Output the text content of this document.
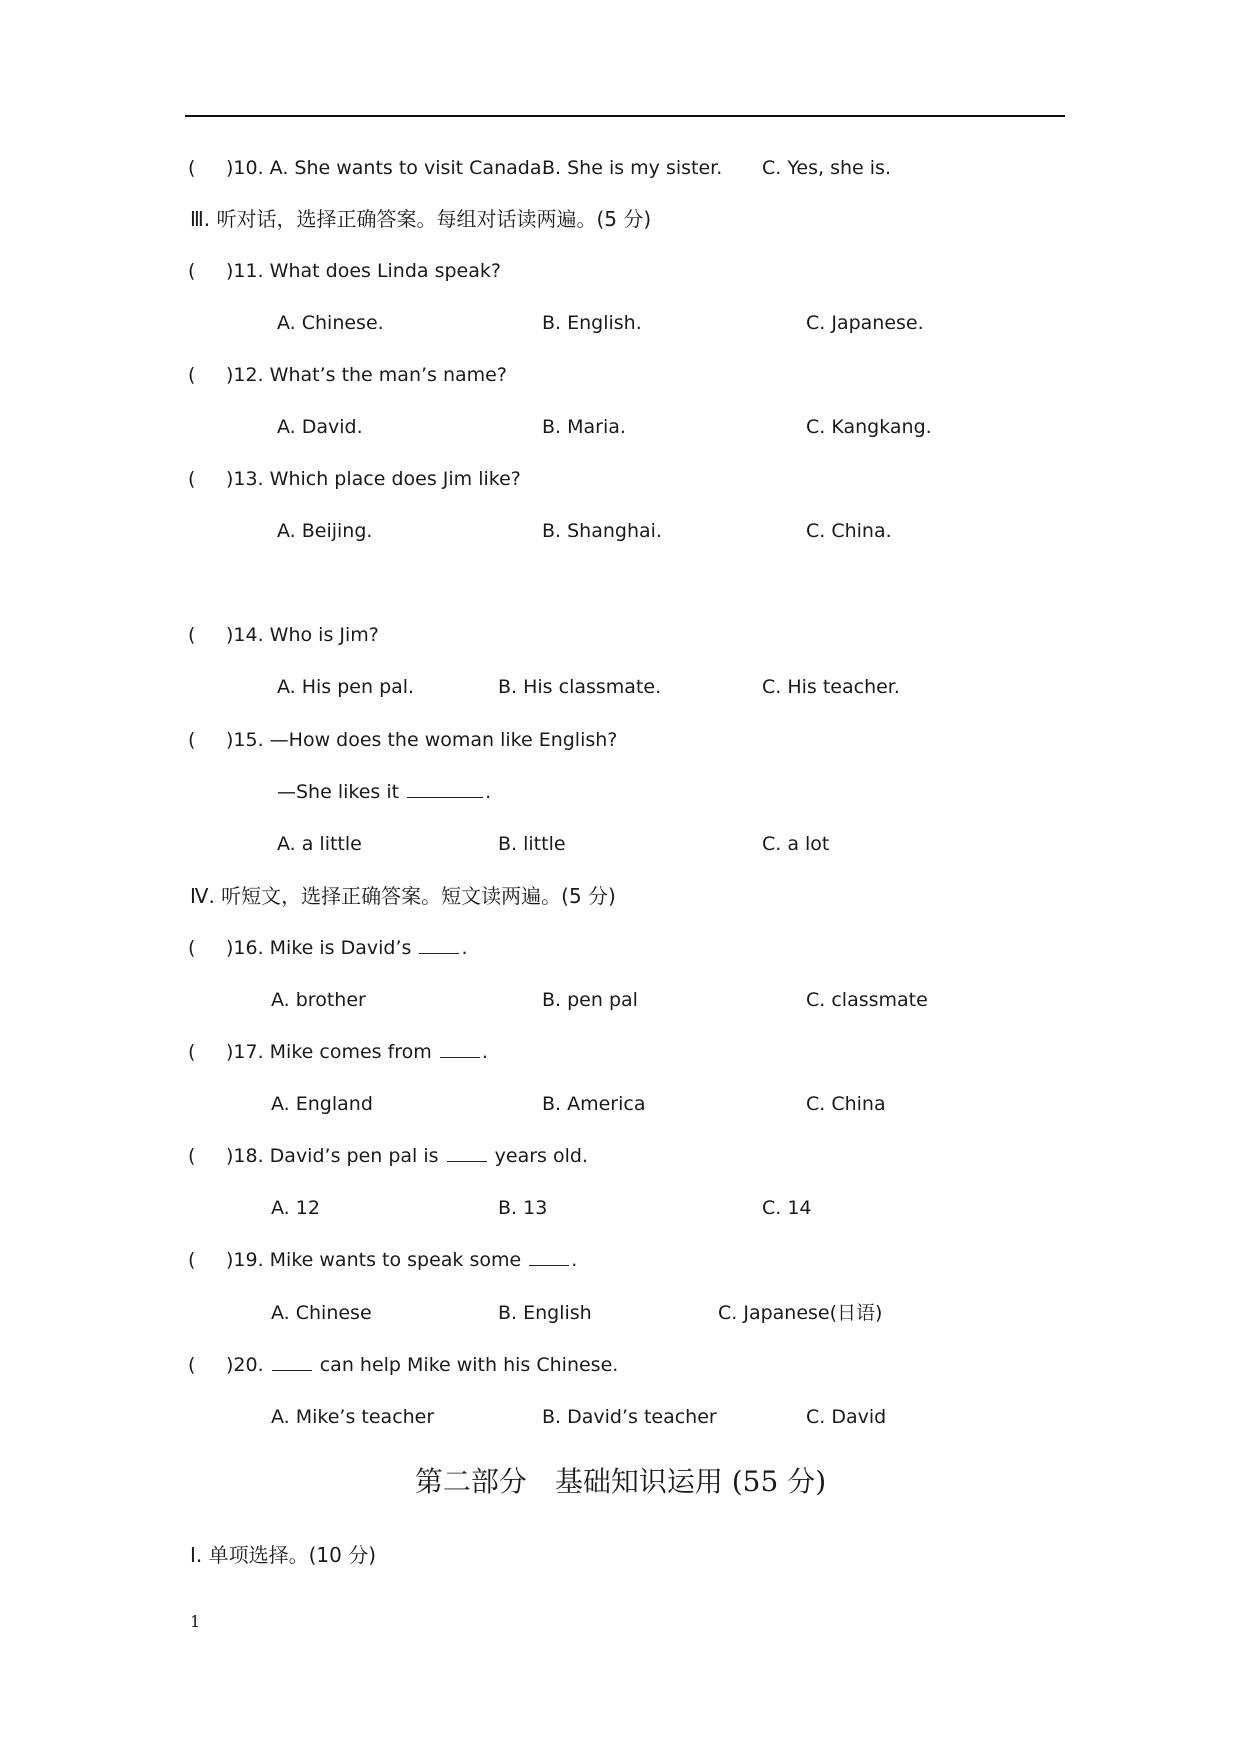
( )10. A. She wants to visit Canada.
B. She is my sister. C. Yes, she is.
Ⅲ. 听对话，选择正确答案。每组对话读两遍。(5 分)
( )11. What does Linda speak?
A. Chinese.	B. English.	C. Japanese.
( )12. What’s the man’s name?
A. David.	B. Maria.	C. Kangkang.
( )13. Which place does Jim like?
A. Beijing.	B. Shanghai.	C. China.
( )14. Who is Jim?
A. His pen pal.	B. His classmate.	C. His teacher.
( )15. —How does the woman like English?
—She likes it	.
A. a little	B. little	C. a lot
Ⅳ. 听短文，选择正确答案。短文读两遍。(5 分)
( )16. Mike is David’s	.
A. brother	B. pen pal	C. classmate
( )17. Mike comes from	.
A. England	B. America	C. China
( )18. David’s pen pal is	years old.
A. 12	B. 13	C. 14
( )19. Mike wants to speak some	.
A. Chinese	B. English	C. Japanese(日语)
( )20.	can help Mike with his Chinese.
A. Mike’s teacher	B. David’s teacher	C. David
第二部分　基础知识运用 (55 分)
Ⅰ. 单项选择。(10 分)
1
